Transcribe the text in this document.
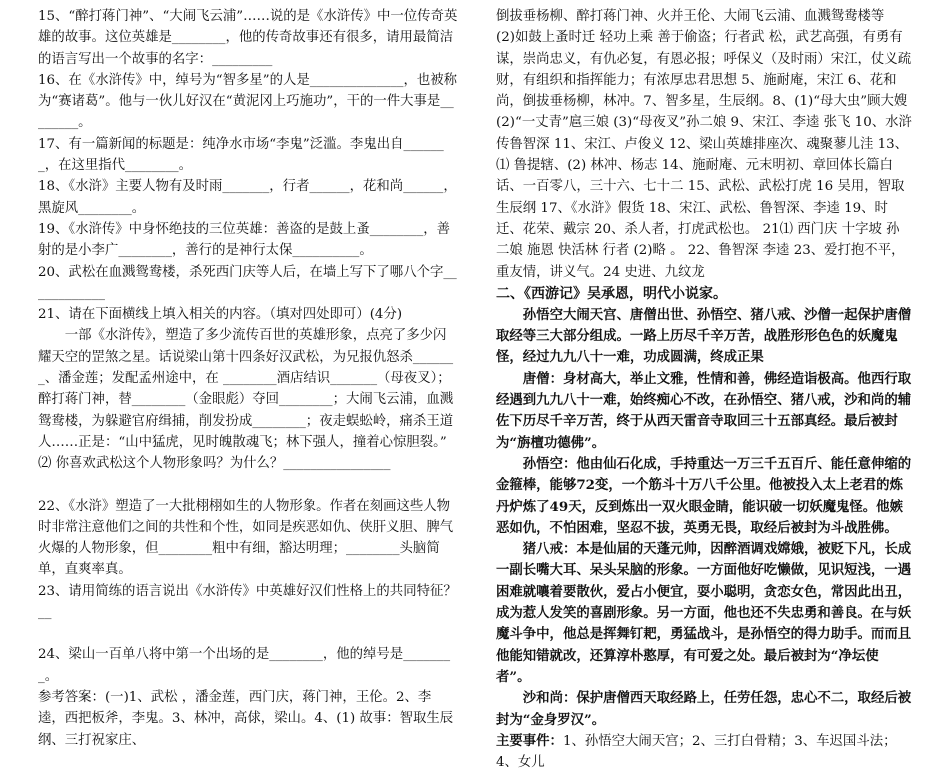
15、“醉打蒋门神”、“大闹飞云浦”……说的是《水浒传》中一位传奇英雄的故事。这位英雄是________，他的传奇故事还有很多，请用最简洁的语言写出一个故事的名字：_________

16、在《水浒传》中，绰号为“智多星”的人是______________，也被称为“赛诸葛”。他与一伙儿好汉在“黄泥冈上巧施功”，干的一件大事是________。

17、有一篇新闻的标题是：纯净水市场“李鬼”泛滥。李鬼出自_______，在这里指代________。

18、《水浒》主要人物有及时雨_______，行者______，花和尚______，黑旋风________。

19、《水浒传》中身怀绝技的三位英雄：善盗的是鼓上蚤________，善射的是小李广________，善行的是神行太保__________。

20、武松在血溅鸳鸯楼，杀死西门庆等人后，在墙上写下了哪八个字____________

21、请在下面横线上填入相关的内容。（填对四处即可）(4分)

一部《水浒传》，塑造了多少流传百世的英雄形象，点亮了多少闪耀天空的罡煞之星。话说梁山第十四条好汉武松，为兄报仇怒杀_______、潘金莲；发配孟州途中，在 ________酒店结识_______（母夜叉）；醉打蒋门神，替________（金眼彪）夺回________；大闹飞云浦，血溅鸳鸯楼，为躲避官府缉捕，削发扮成________；夜走蜈蚣岭，痛杀王道人……正是：“山中猛虎，见时魄散魂飞；林下强人，撞着心惊胆裂。”

⑵ 你喜欢武松这个人物形象吗？为什么？________________

22、《水浒》塑造了一大批栩栩如生的人物形象。作者在刻画这些人物时非常注意他们之间的共性和个性，如同是疾恶如仇、侠肝义胆、脾气火爆的人物形象，但________粗中有细，豁达明理；________头脑简单，直爽率真。

23、请用简练的语言说出《水浒传》中英雄好汉们性格上的共同特征？__

24、梁山一百单八将中第一个出场的是________，他的绰号是________。

参考答案：(一)1、武松 ，潘金莲，西门庆，蒋门神，王伦。2、李逵，西把板斧，李鬼。3、林冲，高俅，梁山。4、(1) 故事：智取生辰纲、三打祝家庄、

倒拔垂杨柳、醉打蒋门神、火并王伦、大闹飞云浦、血溅鸳鸯楼等

(2)如鼓上蚤时迁 轻功上乘 善于偷盗；行者武 松，武艺高强，有勇有谋，崇尚忠义，有仇必复，有恩必报；呼保义（及时雨）宋江，仗义疏财，有组织和指挥能力；有浓厚忠君思想 5、施耐庵，宋江 6、花和尚，倒拔垂杨柳，林冲。7、智多星，生辰纲。8、(1)“母大虫”顾大嫂 (2)“一丈青”扈三娘 (3)“母夜叉”孙二娘 9、宋江、李逵 张飞 10、水浒传鲁智深 11、宋江、卢俊义 12、梁山英雄排座次、魂聚蓼儿洼 13、⑴ 鲁提辖、(2) 林冲、杨志 14、施耐庵、元末明初、章回体长篇白话、一百零八，三十六、七十二 15、武松、武松打虎 16 吴用，智取生辰纲 17、《水浒》假货 18、宋江、武松、鲁智深、李逵 19、时迁、花荣、戴宗 20、杀人者，打虎武松也。 21⑴ 西门庆 十字坡 孙二娘 施恩 快活林 行者 (2)略 。 22、鲁智深 李逵 23、爱打抱不平，重友情，讲义气。24 史进、九纹龙

二、《西游记》吴承恩，明代小说家。

孙悟空大闹天宫、唐僧出世、孙悟空、猪八戒、沙僧一起保护唐僧取经等三大部分组成。一路上历尽千辛万苦，战胜形形色色的妖魔鬼怪，经过九九八十一难，功成圆满，终成正果

唐僧：身材高大，举止文雅，性情和善，佛经造诣极高。他西行取经遇到九九八十一难，始终痴心不改，在孙悟空、猪八戒，沙和尚的辅佐下历尽千辛万苦，终于从西天雷音寺取回三十五部真经。最后被封为“旃檀功德佛”。

孙悟空：他由仙石化成，手持重达一万三千五百斤、能任意伸缩的金箍棒，能够72变，一个筋斗十万八千公里。他被投入太上老君的炼丹炉炼了49天，反到炼出一双火眼金睛，能识破一切妖魔鬼怪。他嫉恶如仇，不怕困难，坚忍不拔，英勇无畏，取经后被封为斗战胜佛。

猪八戒：本是仙届的天蓬元帅，因醉酒调戏嫦娥，被贬下凡，长成一副长嘴大耳、呆头呆脑的形象。一方面他好吃懒做，见识短浅，一遇困难就嚷着要散伙，爱占小便宜，耍小聪明，贪恋女色，常因此出丑，成为惹人发笑的喜剧形象。另一方面，他也还不失忠勇和善良。在与妖魔斗争中，他总是挥舞钉耙，勇猛战斗，是孙悟空的得力助手。而而且他能知错就改，还算淳朴憨厚，有可爱之处。最后被封为“净坛使者”。

沙和尚：保护唐僧西天取经路上，任劳任怨，忠心不二，取经后被封为“金身罗汉”。

主要事件：1、孙悟空大闹天宫；2、三打白骨精；3、车迟国斗法；4、女儿
